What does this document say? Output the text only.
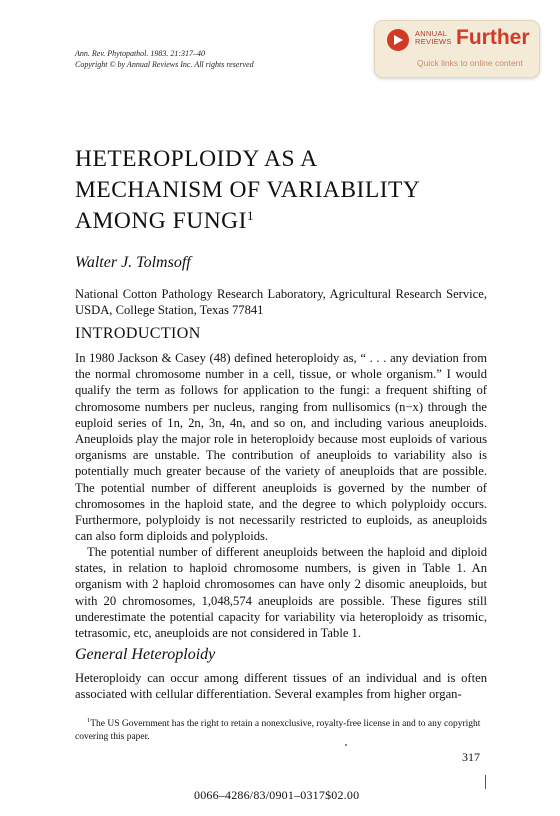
Ann. Rev. Phytopathol. 1983. 21:317–40
Copyright © by Annual Reviews Inc. All rights reserved
ANNUAL
REVIEWS Further
Quick links to online content
HETEROPLOIDY AS A
MECHANISM OF VARIABILITY
AMONG FUNGI$^1$
Walter J. Tolmsoff
National Cotton Pathology Research Laboratory, Agricultural Research Service, USDA, College Station, Texas 77841
INTRODUCTION

In 1980 Jackson & Casey (48) defined heteroploidy as, “ . . . any deviation from the normal chromosome number in a cell, tissue, or whole organism.” I would qualify the term as follows for application to the fungi: a frequent shifting of chromosome numbers per nucleus, ranging from nullisomics (n−x) through the euploid series of 1n, 2n, 3n, 4n, and so on, and including various aneuploids. Aneuploids play the major role in heteroploidy because most euploids of various organisms are unstable. The contribution of aneuploids to variability also is potentially much greater because of the variety of aneuploids that are possible. The potential number of different aneuploids is governed by the number of chromosomes in the haploid state, and the degree to which polyploidy occurs. Furthermore, polyploidy is not necessarily restricted to euploids, as aneuploids can also form diploids and polyploids.

The potential number of different aneuploids between the haploid and diploid states, in relation to haploid chromosome numbers, is given in Table 1. An organism with 2 haploid chromosomes can have only 2 disomic aneuploids, but with 20 chromosomes, 1,048,574 aneuploids are possible. These figures still underestimate the potential capacity for variability via heteroploidy as trisomic, tetrasomic, etc, aneuploids are not considered in Table 1.

General Heteroploidy

Heteroploidy can occur among different tissues of an individual and is often associated with cellular differentiation. Several examples from higher organ-

$^1$The US Government has the right to retain a nonexclusive, royalty-free license in and to any copyright covering this paper.
317
0066–4286/83/0901–0317$02.00
